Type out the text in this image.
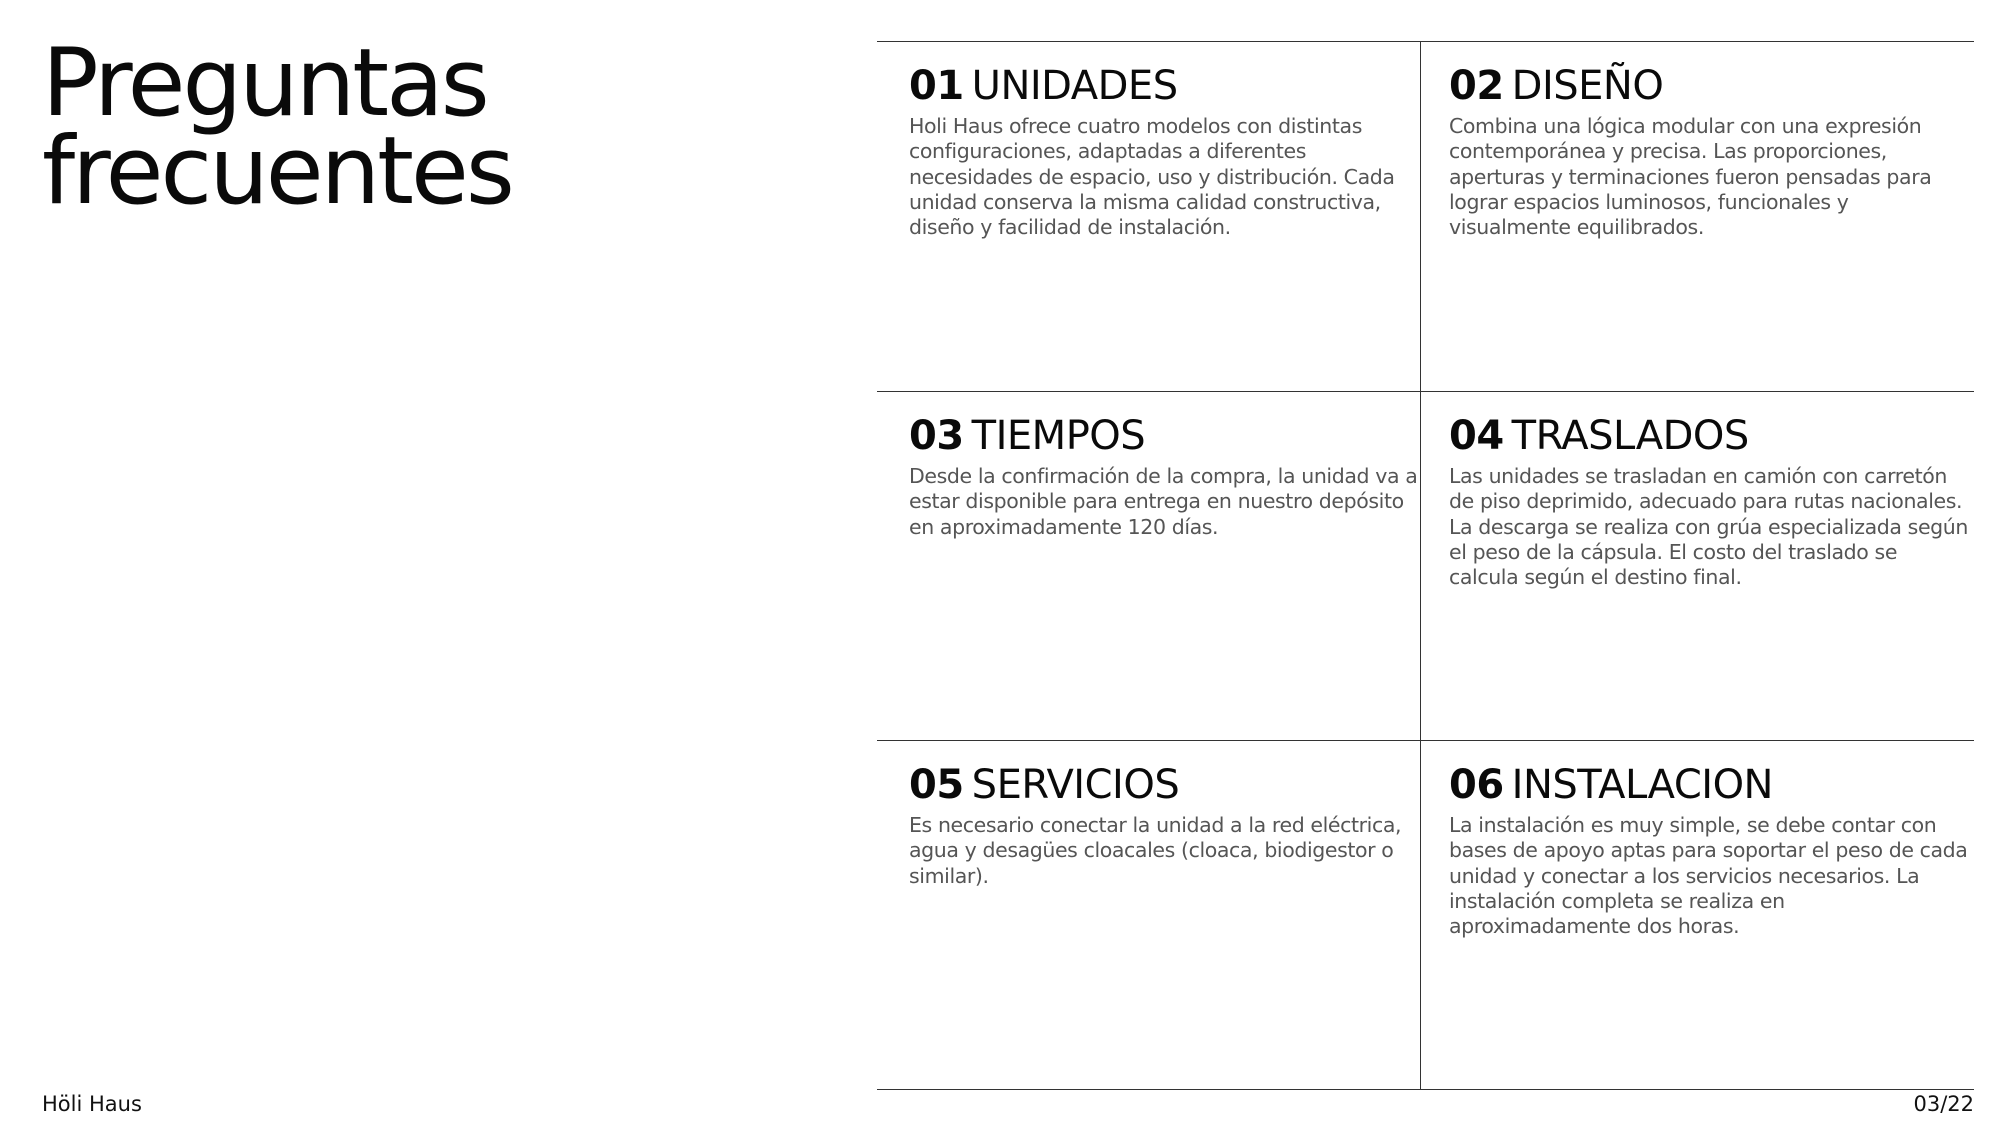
Preguntas
frecuentes
01 UNIDADES

Holi Haus ofrece cuatro modelos con distintas configuraciones, adaptadas a diferentes necesidades de espacio, uso y distribución. Cada unidad conserva la misma calidad constructiva, diseño y facilidad de instalación.

02 DISEÑO

Combina una lógica modular con una expresión contemporánea y precisa. Las proporciones, aperturas y terminaciones fueron pensadas para lograr espacios luminosos, funcionales y visualmente equilibrados.

03 TIEMPOS

Desde la confirmación de la compra, la unidad va a estar disponible para entrega en nuestro depósito en aproximadamente 120 días.

04 TRASLADOS

Las unidades se trasladan en camión con carretón de piso deprimido, adecuado para rutas nacionales. La descarga se realiza con grúa especializada según el peso de la cápsula. El costo del traslado se calcula según el destino final.

05 SERVICIOS

Es necesario conectar la unidad a la red eléctrica, agua y desagües cloacales (cloaca, biodigestor o similar).

06 INSTALACION

La instalación es muy simple, se debe contar con bases de apoyo aptas para soportar el peso de cada unidad y conectar a los servicios necesarios. La instalación completa se realiza en aproximadamente dos horas.

Höli Haus	03/22
